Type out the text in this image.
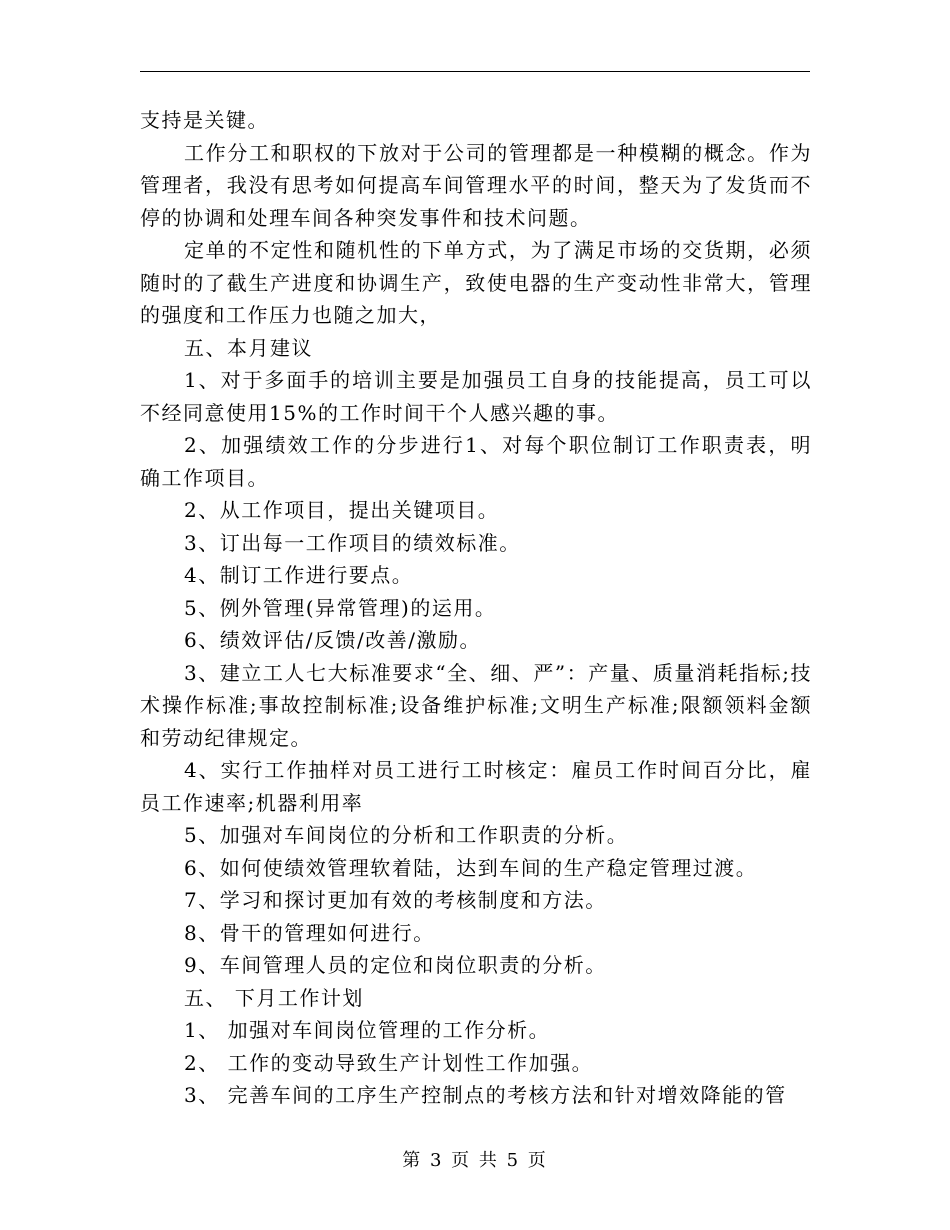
支持是关键。

工作分工和职权的下放对于公司的管理都是一种模糊的概念。作为管理者，我没有思考如何提高车间管理水平的时间，整天为了发货而不停的协调和处理车间各种突发事件和技术问题。

定单的不定性和随机性的下单方式，为了满足市场的交货期，必须随时的了截生产进度和协调生产，致使电器的生产变动性非常大，管理的强度和工作压力也随之加大，

五、本月建议

1、对于多面手的培训主要是加强员工自身的技能提高，员工可以不经同意使用15%的工作时间干个人感兴趣的事。

2、加强绩效工作的分步进行1、对每个职位制订工作职责表，明确工作项目。

2、从工作项目，提出关键项目。

3、订出每一工作项目的绩效标准。

4、制订工作进行要点。

5、例外管理(异常管理)的运用。

6、绩效评估/反馈/改善/激励。

3、建立工人七大标准要求“全、细、严”：产量、质量消耗指标;技术操作标准;事故控制标准;设备维护标准;文明生产标准;限额领料金额和劳动纪律规定。

4、实行工作抽样对员工进行工时核定：雇员工作时间百分比，雇员工作速率;机器利用率

5、加强对车间岗位的分析和工作职责的分析。

6、如何使绩效管理软着陆，达到车间的生产稳定管理过渡。

7、学习和探讨更加有效的考核制度和方法。

8、骨干的管理如何进行。

9、车间管理人员的定位和岗位职责的分析。

五、 下月工作计划

1、 加强对车间岗位管理的工作分析。

2、 工作的变动导致生产计划性工作加强。

3、 完善车间的工序生产控制点的考核方法和针对增效降能的管

第 3 页 共 5 页
